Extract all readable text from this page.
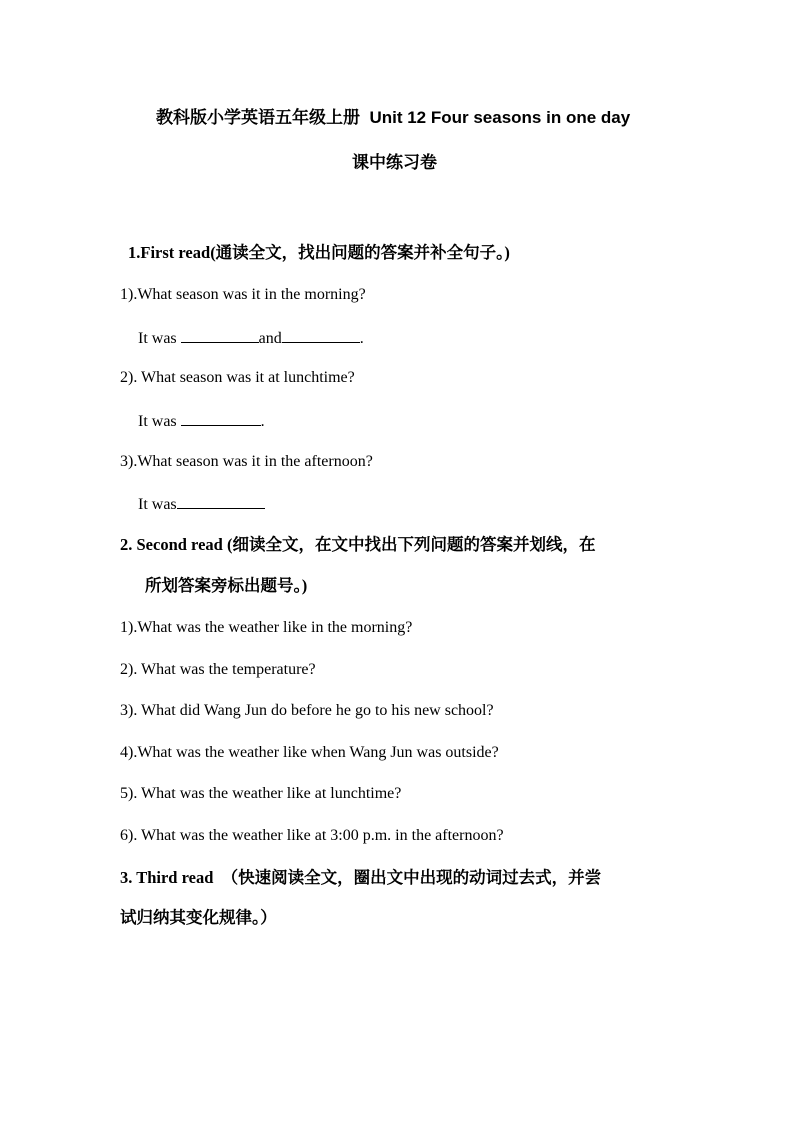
教科版小学英语五年级上册 Unit 12 Four seasons in one day
课中练习卷
1.First read(通读全文，找出问题的答案并补全句子。)
1).What season was it in the morning?
It was	and	.
2). What season was it at lunchtime?
It was	.
3).What season was it in the afternoon?
It was
2. Second read (细读全文，在文中找出下列问题的答案并划线，在
所划答案旁标出题号。)
1).What was the weather like in the morning?
2). What was the temperature?
3). What did Wang Jun do before he go to his new school?
4).What was the weather like when Wang Jun was outside?
5). What was the weather like at lunchtime?
6). What was the weather like at 3:00 p.m. in the afternoon?
3. Third read （快速阅读全文，圈出文中出现的动词过去式，并尝
试归纳其变化规律。）
